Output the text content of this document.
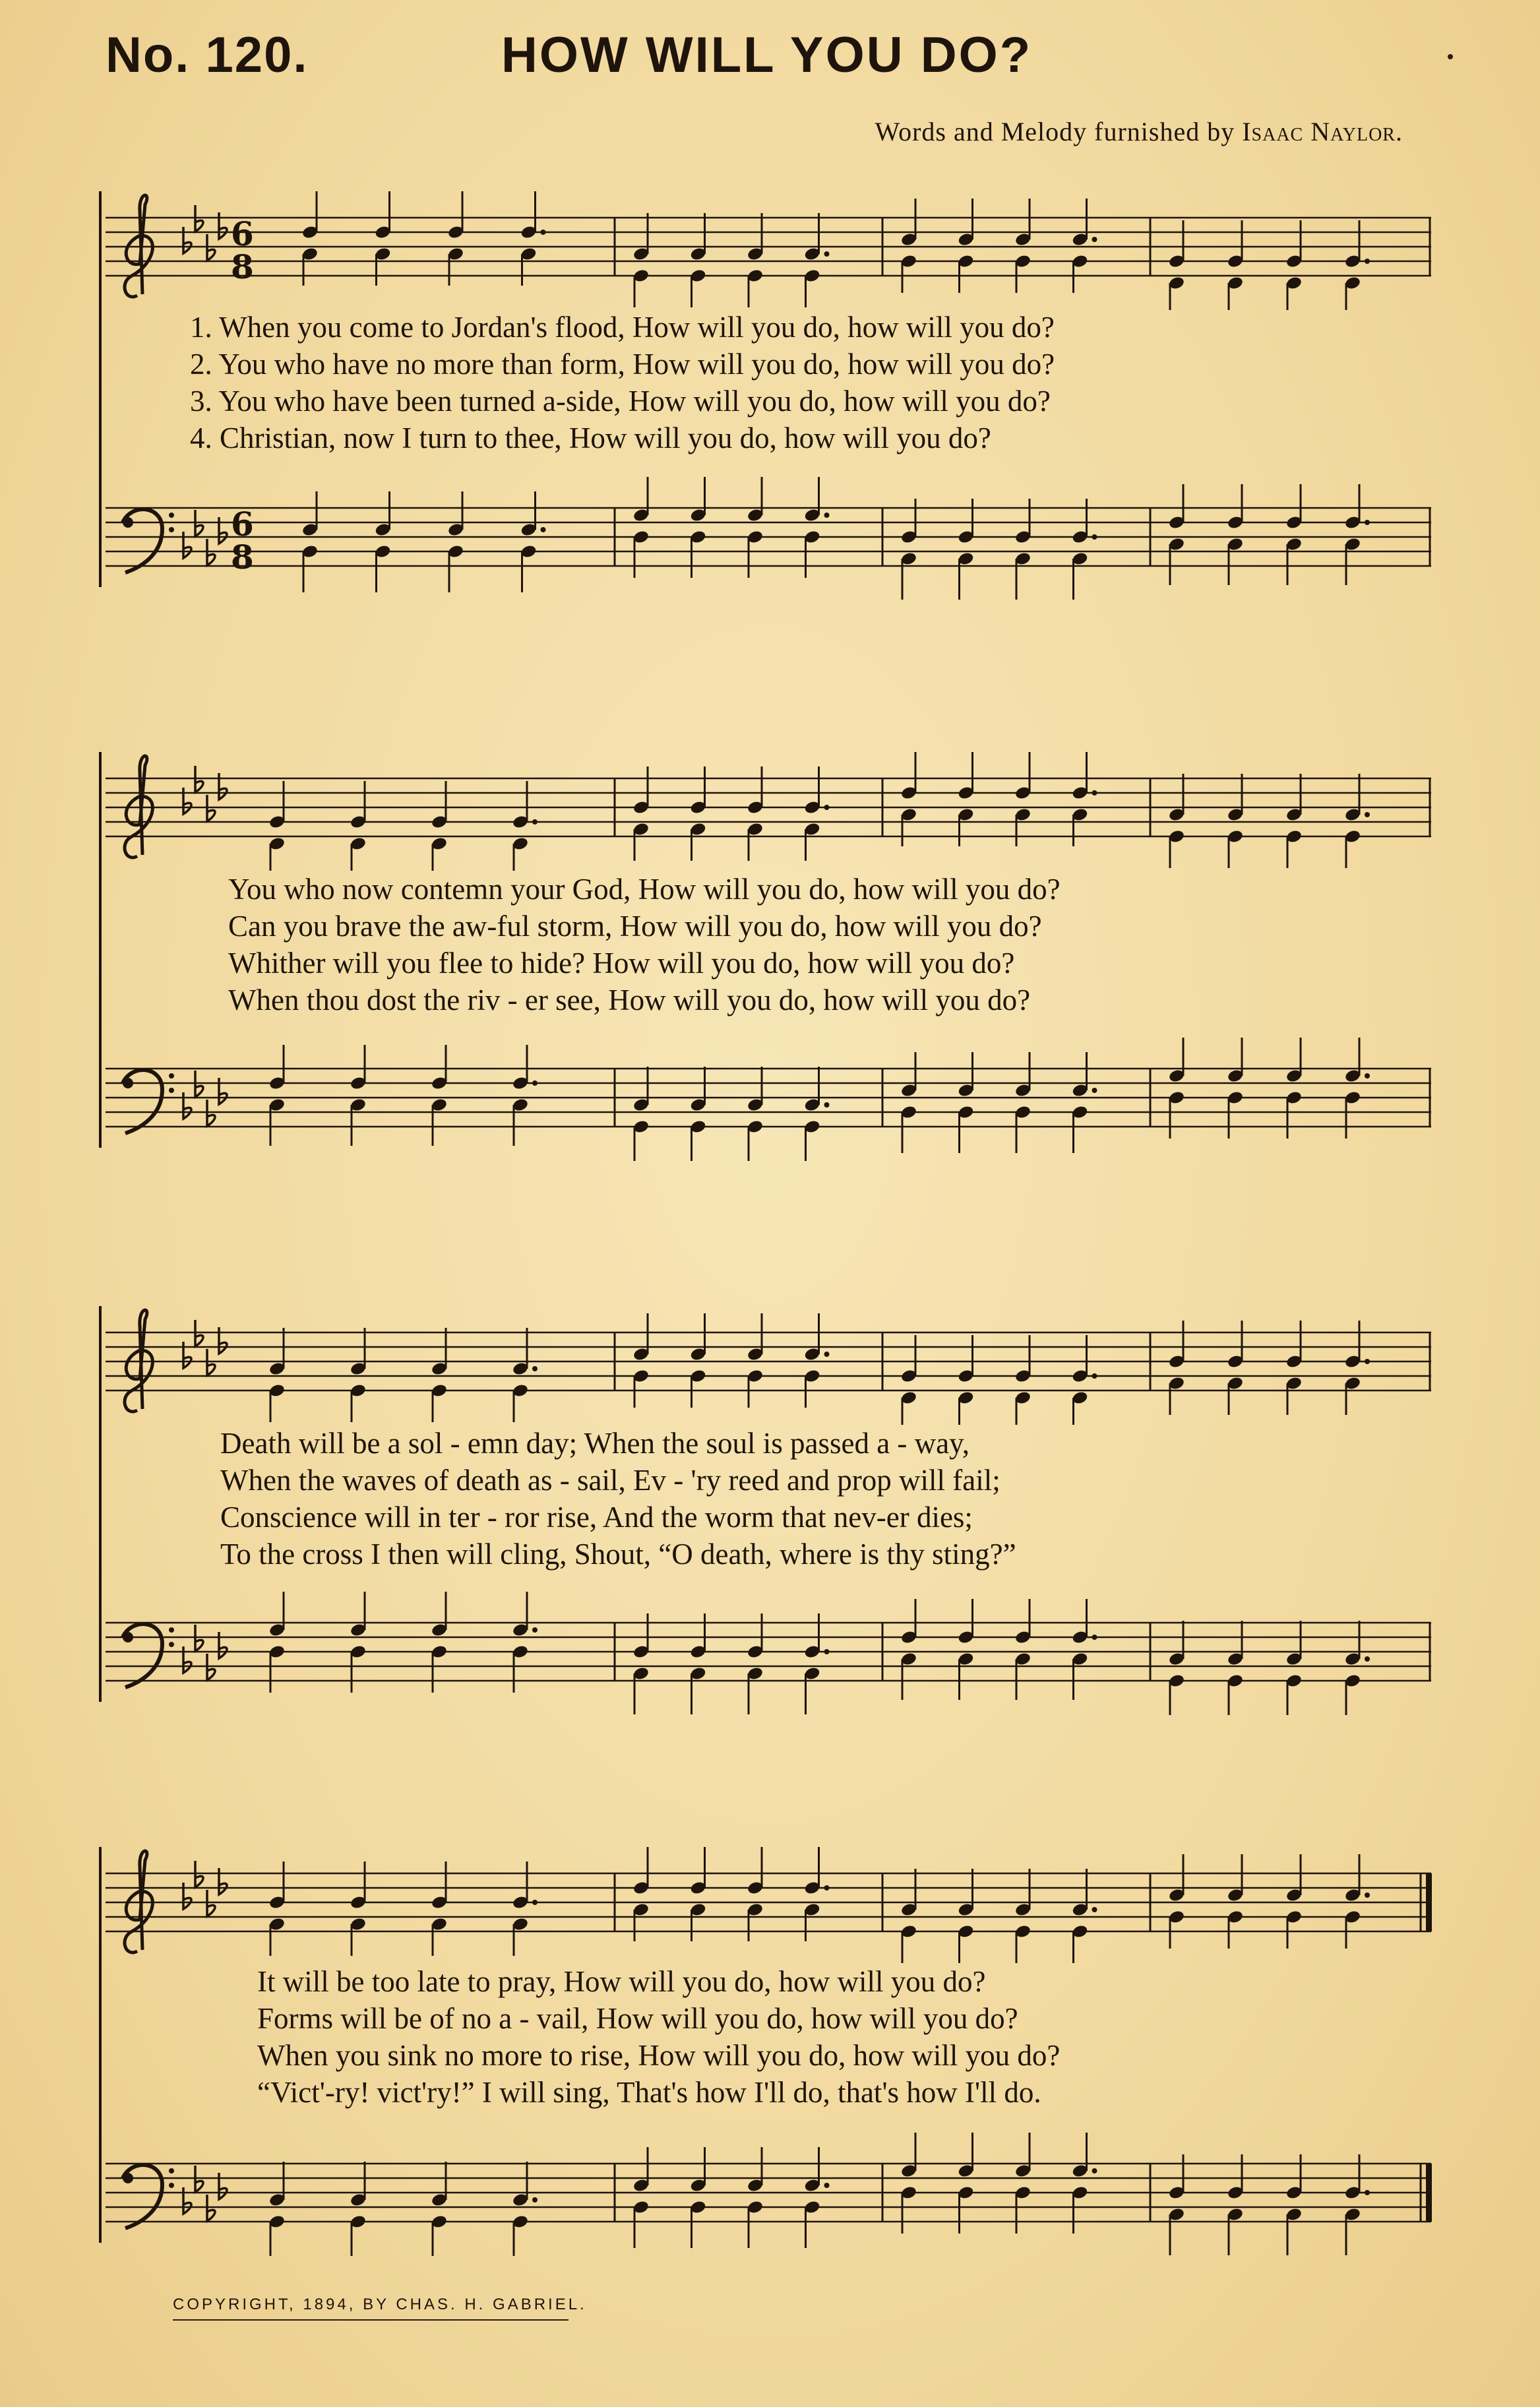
No. 120.	HOW WILL YOU DO?
Words and Melody furnished by Isaac Naylor.
6
8
1. When you come to Jordan's flood, How will you do, how will you do?
2. You who have no more than form, How will you do, how will you do?
3. You who have been turned a-side, How will you do, how will you do?
4. Christian, now I turn to thee, How will you do, how will you do?
6
8
You who now contemn your God, How will you do, how will you do?
Can you brave the aw-ful storm, How will you do, how will you do?
Whither will you flee to hide? How will you do, how will you do?
When thou dost the riv - er see, How will you do, how will you do?
Death will be a sol - emn day; When the soul is passed a - way,
When the waves of death as - sail, Ev - 'ry reed and prop will fail;
Conscience will in ter - ror rise, And the worm that nev-er dies;
To the cross I then will cling, Shout, “O death, where is thy sting?”
It will be too late to pray, How will you do, how will you do?
Forms will be of no a - vail, How will you do, how will you do?
When you sink no more to rise, How will you do, how will you do?
“Vict'-ry! vict'ry!” I will sing, That's how I'll do, that's how I'll do.
COPYRIGHT, 1894, BY CHAS. H. GABRIEL.
